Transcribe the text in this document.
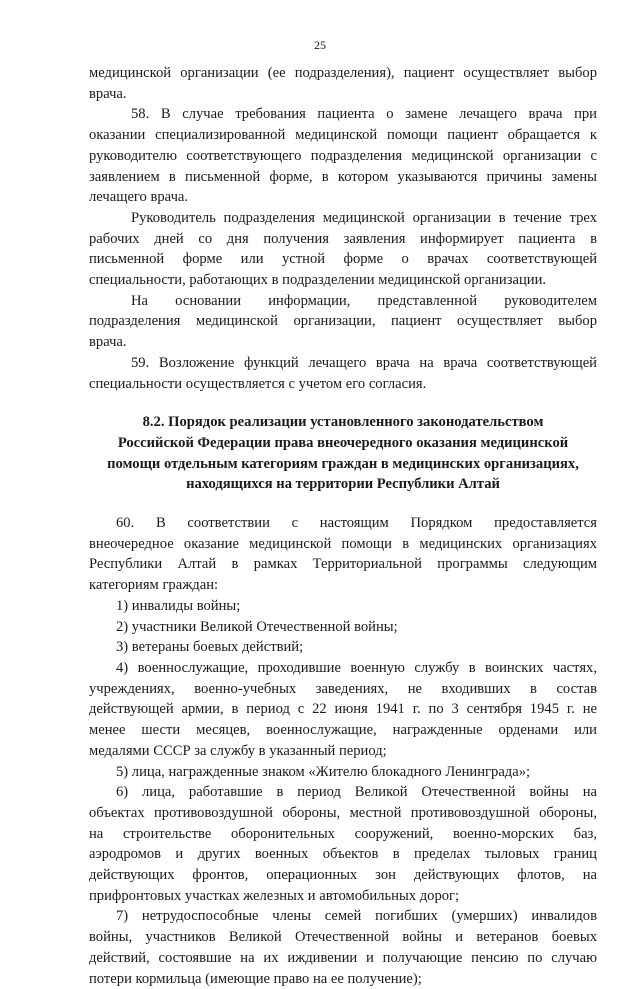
25
медицинской организации (ее подразделения), пациент осуществляет выбор
врача.
58. В случае требования пациента о замене лечащего врача при
оказании специализированной медицинской помощи пациент обращается к
руководителю соответствующего подразделения медицинской организации с
заявлением в письменной форме, в котором указываются причины замены
лечащего врача.
Руководитель подразделения медицинской организации в течение трех
рабочих дней со дня получения заявления информирует пациента в
письменной форме или устной форме о врачах соответствующей
специальности, работающих в подразделении медицинской организации.
На основании информации, представленной руководителем
подразделения медицинской организации, пациент осуществляет выбор
врача.
59. Возложение функций лечащего врача на врача соответствующей
специальности осуществляется с учетом его согласия.
8.2. Порядок реализации установленного законодательством
Российской Федерации права внеочередного оказания медицинской
помощи отдельным категориям граждан в медицинских организациях,
находящихся на территории Республики Алтай
60. В соответствии с настоящим Порядком предоставляется
внеочередное оказание медицинской помощи в медицинских организациях
Республики Алтай в рамках Территориальной программы следующим
категориям граждан:
1) инвалиды войны;
2) участники Великой Отечественной войны;
3) ветераны боевых действий;
4) военнослужащие, проходившие военную службу в воинских частях,
учреждениях, военно-учебных заведениях, не входивших в состав
действующей армии, в период с 22 июня 1941 г. по 3 сентября 1945 г. не
менее шести месяцев, военнослужащие, награжденные орденами или
медалями СССР за службу в указанный период;
5) лица, награжденные знаком «Жителю блокадного Ленинграда»;
6) лица, работавшие в период Великой Отечественной войны на
объектах противовоздушной обороны, местной противовоздушной обороны,
на строительстве оборонительных сооружений, военно-морских баз,
аэродромов и других военных объектов в пределах тыловых границ
действующих фронтов, операционных зон действующих флотов, на
прифронтовых участках железных и автомобильных дорог;
7) нетрудоспособные члены семей погибших (умерших) инвалидов
войны, участников Великой Отечественной войны и ветеранов боевых
действий, состоявшие на их иждивении и получающие пенсию по случаю
потери кормильца (имеющие право на ее получение);
